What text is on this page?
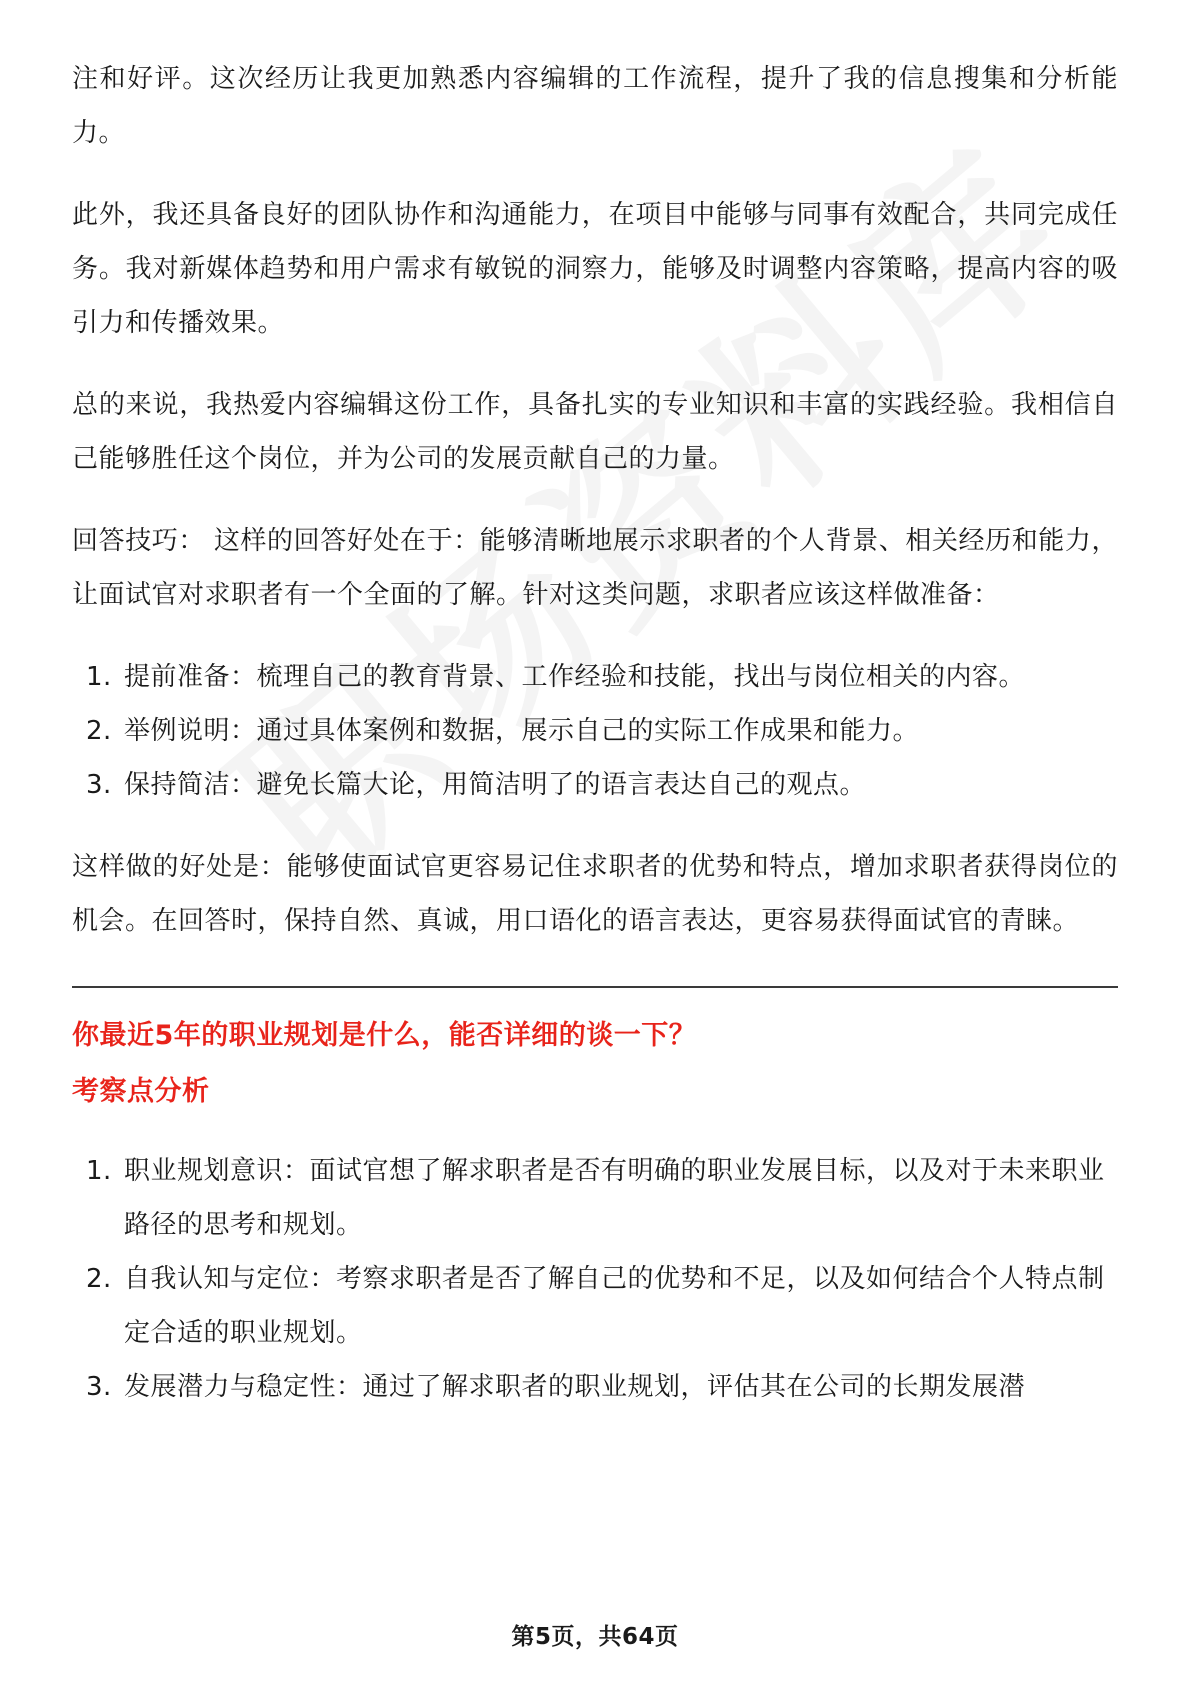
注和好评。这次经历让我更加熟悉内容编辑的工作流程，提升了我的信息搜集和分析能力。

此外，我还具备良好的团队协作和沟通能力，在项目中能够与同事有效配合，共同完成任务。我对新媒体趋势和用户需求有敏锐的洞察力，能够及时调整内容策略，提高内容的吸引力和传播效果。

总的来说，我热爱内容编辑这份工作，具备扎实的专业知识和丰富的实践经验。我相信自己能够胜任这个岗位，并为公司的发展贡献自己的力量。

回答技巧： 这样的回答好处在于：能够清晰地展示求职者的个人背景、相关经历和能力，让面试官对求职者有一个全面的了解。针对这类问题，求职者应该这样做准备：

1. 提前准备：梳理自己的教育背景、工作经验和技能，找出与岗位相关的内容。
2. 举例说明：通过具体案例和数据，展示自己的实际工作成果和能力。
3. 保持简洁：避免长篇大论，用简洁明了的语言表达自己的观点。

这样做的好处是：能够使面试官更容易记住求职者的优势和特点，增加求职者获得岗位的机会。在回答时，保持自然、真诚，用口语化的语言表达，更容易获得面试官的青睐。

你最近5年的职业规划是什么，能否详细的谈一下？
考察点分析
1. 职业规划意识：面试官想了解求职者是否有明确的职业发展目标，以及对于未来职业路径的思考和规划。
2. 自我认知与定位：考察求职者是否了解自己的优势和不足，以及如何结合个人特点制定合适的职业规划。
3. 发展潜力与稳定性：通过了解求职者的职业规划，评估其在公司的长期发展潜
第5页，共64页
